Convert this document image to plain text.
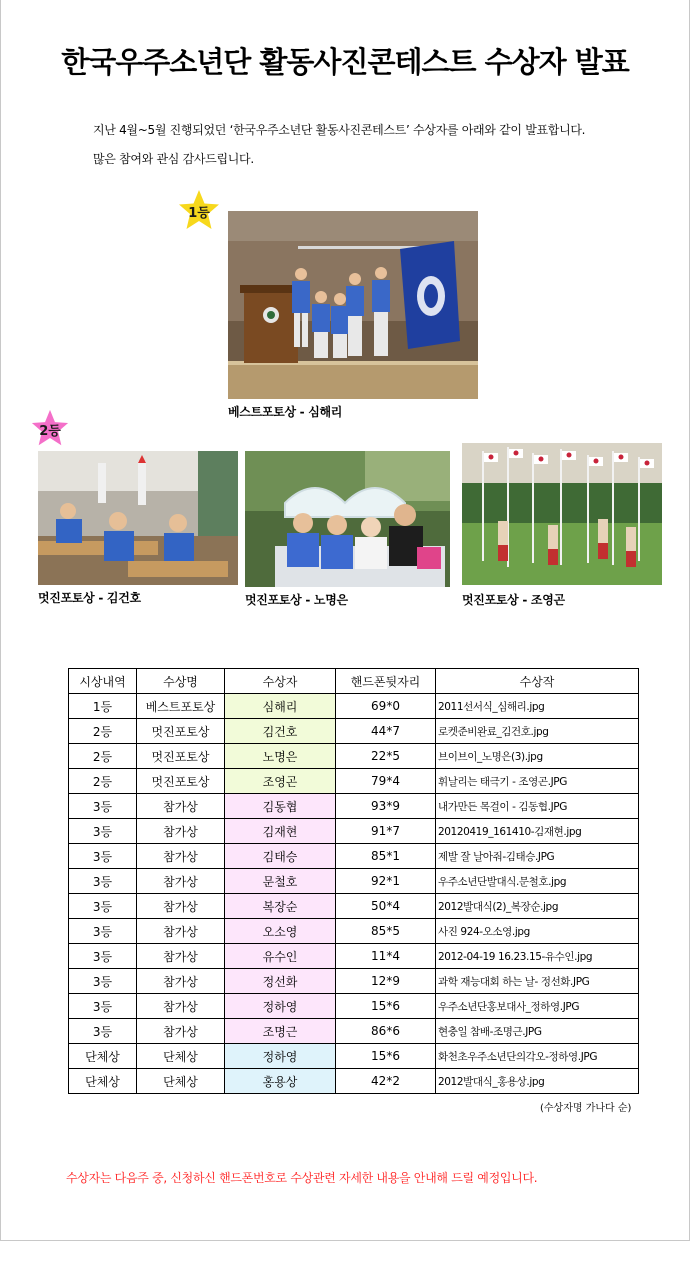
한국우주소년단 활동사진콘테스트 수상자 발표

지난 4월~5월 진행되었던 ‘한국우주소년단 활동사진콘테스트’ 수상자를 아래와 같이 발표합니다.

많은 참여와 관심 감사드립니다.

1등
베스트포토상 - 심해리
2등
멋진포토상 - 김건호	멋진포토상 - 노명은	멋진포토상 - 조영곤
시상내역	수상명	수상자	핸드폰뒷자리	수상작
1등	베스트포토상	심해리	69*0	2011선서식_심해리.jpg
2등	멋진포토상	김건호	44*7	로켓준비완료_김건호.jpg
2등	멋진포토상	노명은	22*5	브이브이_노명은(3).jpg
2등	멋진포토상	조영곤	79*4	휘날리는 태극기 - 조영곤.JPG
3등	참가상	김동협	93*9	내가만든 목걸이 - 김동협.JPG
3등	참가상	김재현	91*7	20120419_161410-김재현.jpg
3등	참가상	김태승	85*1	제발 잘 날아줘-김태승.JPG
3등	참가상	문철호	92*1	우주소년단발대식.문철호.jpg
3등	참가상	복장순	50*4	2012발대식(2)_복장순.jpg
3등	참가상	오소영	85*5	사진 924-오소영.jpg
3등	참가상	유수인	11*4	2012-04-19 16.23.15-유수인.jpg
3등	참가상	정선화	12*9	과학 재능대회 하는 날- 정선화.JPG
3등	참가상	정하영	15*6	우주소년단홍보대사_정하영.JPG
3등	참가상	조명근	86*6	현충일 참배-조명근.JPG
단체상	단체상	정하영	15*6	화천초우주소년단의각오-정하영.JPG
단체상	단체상	홍용상	42*2	2012발대식_홍용상.jpg
(수상자명 가나다 순)
수상자는 다음주 중, 신청하신 핸드폰번호로 수상관련 자세한 내용을 안내해 드릴 예정입니다.
